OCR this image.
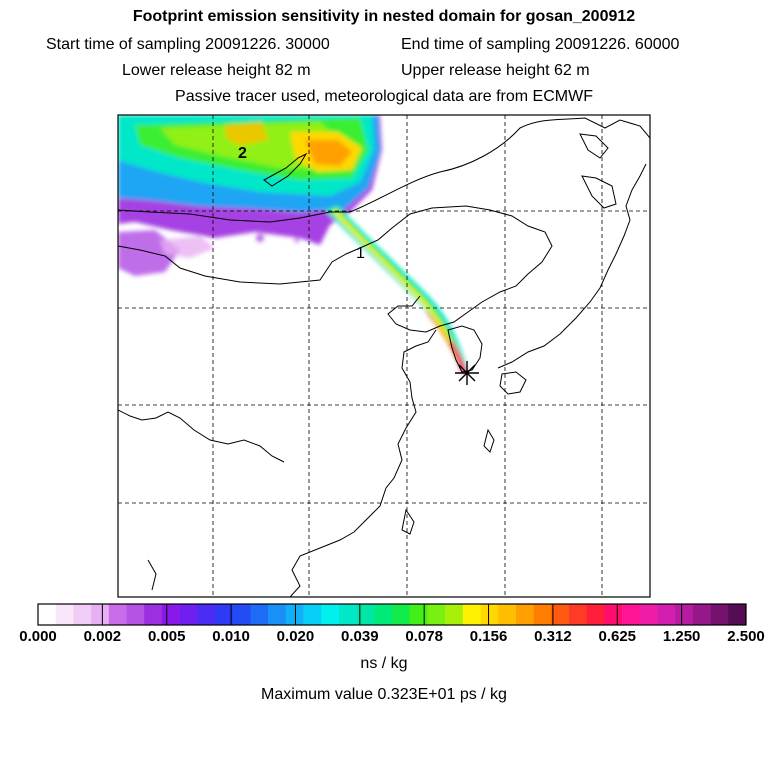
Footprint emission sensitivity in nested domain for gosan_200912
Start time of sampling 20091226. 30000	End time of sampling 20091226. 60000
Lower release height 82 m	Upper release height 62 m
Passive tracer used, meteorological data are from ECMWF
1
2
0.000 0.002 0.005 0.010 0.020 0.039 0.078 0.156 0.312 0.625 1.250 2.500
ns / kg
Maximum value 0.323E+01 ps / kg
